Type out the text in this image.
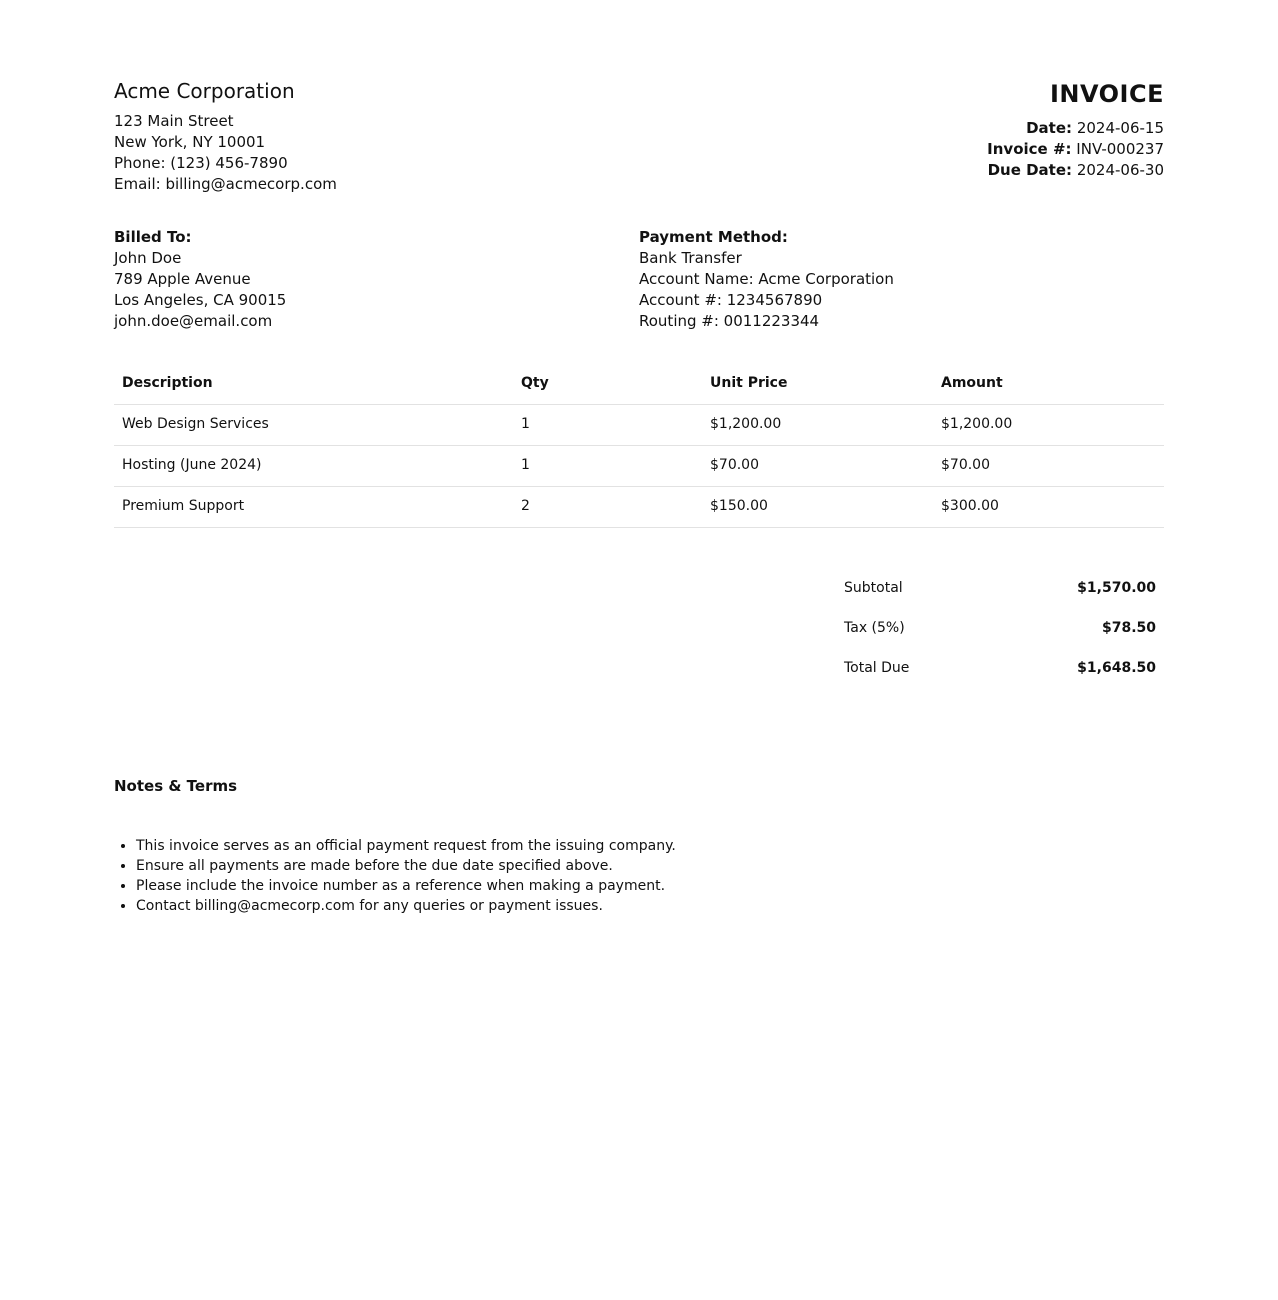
Acme Corporation
123 Main Street
New York, NY 10001
Phone: (123) 456-7890
Email: billing@acmecorp.com
INVOICE
Date: 2024-06-15
Invoice #: INV-000237
Due Date: 2024-06-30
Billed To:
John Doe
789 Apple Avenue
Los Angeles, CA 90015
john.doe@email.com
Payment Method:
Bank Transfer
Account Name: Acme Corporation
Account #: 1234567890
Routing #: 0011223344
Description	Qty	Unit Price	Amount
Web Design Services	1	$1,200.00	$1,200.00
Hosting (June 2024)	1	$70.00	$70.00
Premium Support	2	$150.00	$300.00
Subtotal	$1,570.00
Tax (5%)	$78.50
Total Due	$1,648.50
Notes & Terms
• This invoice serves as an official payment request from the issuing company.
• Ensure all payments are made before the due date specified above.
• Please include the invoice number as a reference when making a payment.
• Contact billing@acmecorp.com for any queries or payment issues.
